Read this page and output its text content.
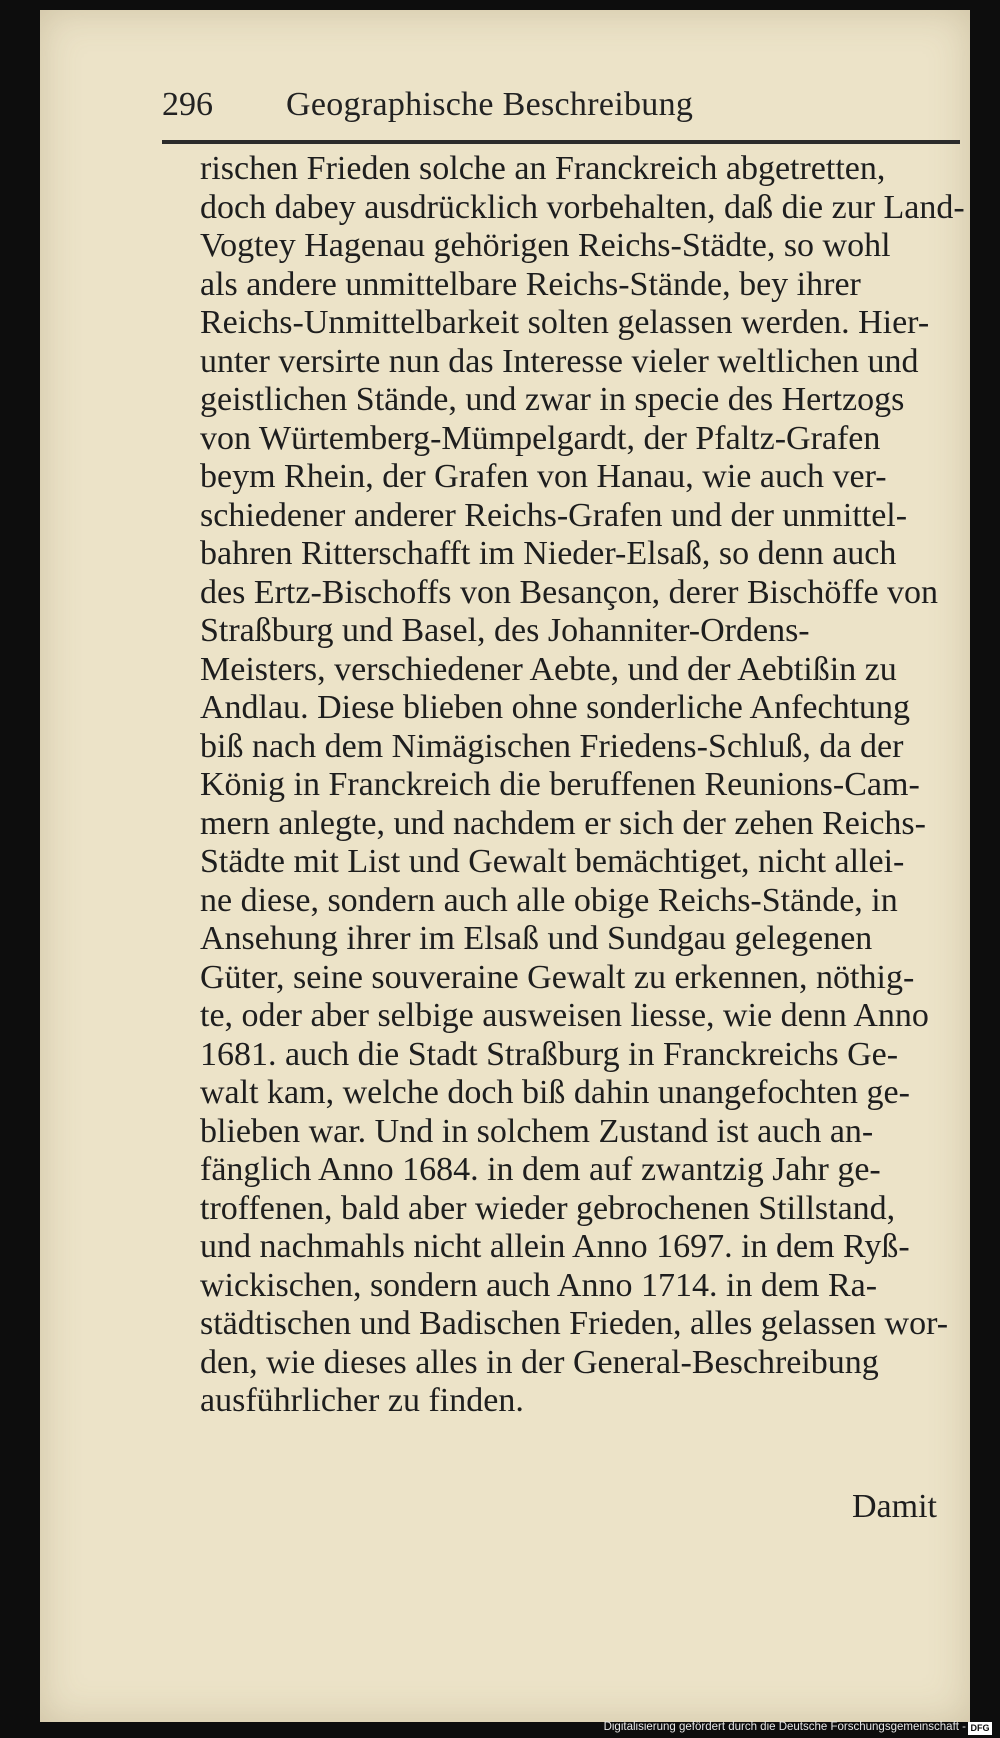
296 Geographische Beschreibung
rischen Frieden solche an Franckreich abgetretten,
doch dabey ausdrücklich vorbehalten, daß die zur Land-
Vogtey Hagenau gehörigen Reichs-Städte, so wohl
als andere unmittelbare Reichs-Stände, bey ihrer
Reichs-Unmittelbarkeit solten gelassen werden. Hier-
unter versirte nun das Interesse vieler weltlichen und
geistlichen Stände, und zwar in specie des Hertzogs
von Würtemberg-Mümpelgardt, der Pfaltz-Grafen
beym Rhein, der Grafen von Hanau, wie auch ver-
schiedener anderer Reichs-Grafen und der unmittel-
bahren Ritterschafft im Nieder-Elsaß, so denn auch
des Ertz-Bischoffs von Besançon, derer Bischöffe von
Straßburg und Basel, des Johanniter-Ordens-
Meisters, verschiedener Aebte, und der Aebtißin zu
Andlau. Diese blieben ohne sonderliche Anfechtung
biß nach dem Nimägischen Friedens-Schluß, da der
König in Franckreich die beruffenen Reunions-Cam-
mern anlegte, und nachdem er sich der zehen Reichs-
Städte mit List und Gewalt bemächtiget, nicht allei-
ne diese, sondern auch alle obige Reichs-Stände, in
Ansehung ihrer im Elsaß und Sundgau gelegenen
Güter, seine souveraine Gewalt zu erkennen, nöthig-
te, oder aber selbige ausweisen liesse, wie denn Anno
1681. auch die Stadt Straßburg in Franckreichs Ge-
walt kam, welche doch biß dahin unangefochten ge-
blieben war. Und in solchem Zustand ist auch an-
fänglich Anno 1684. in dem auf zwantzig Jahr ge-
troffenen, bald aber wieder gebrochenen Stillstand,
und nachmahls nicht allein Anno 1697. in dem Ryß-
wickischen, sondern auch Anno 1714. in dem Ra-
städtischen und Badischen Frieden, alles gelassen wor-
den, wie dieses alles in der General-Beschreibung
ausführlicher zu finden.
Damit
Digitalisierung gefördert durch die Deutsche Forschungsgemeinschaft - DFG
